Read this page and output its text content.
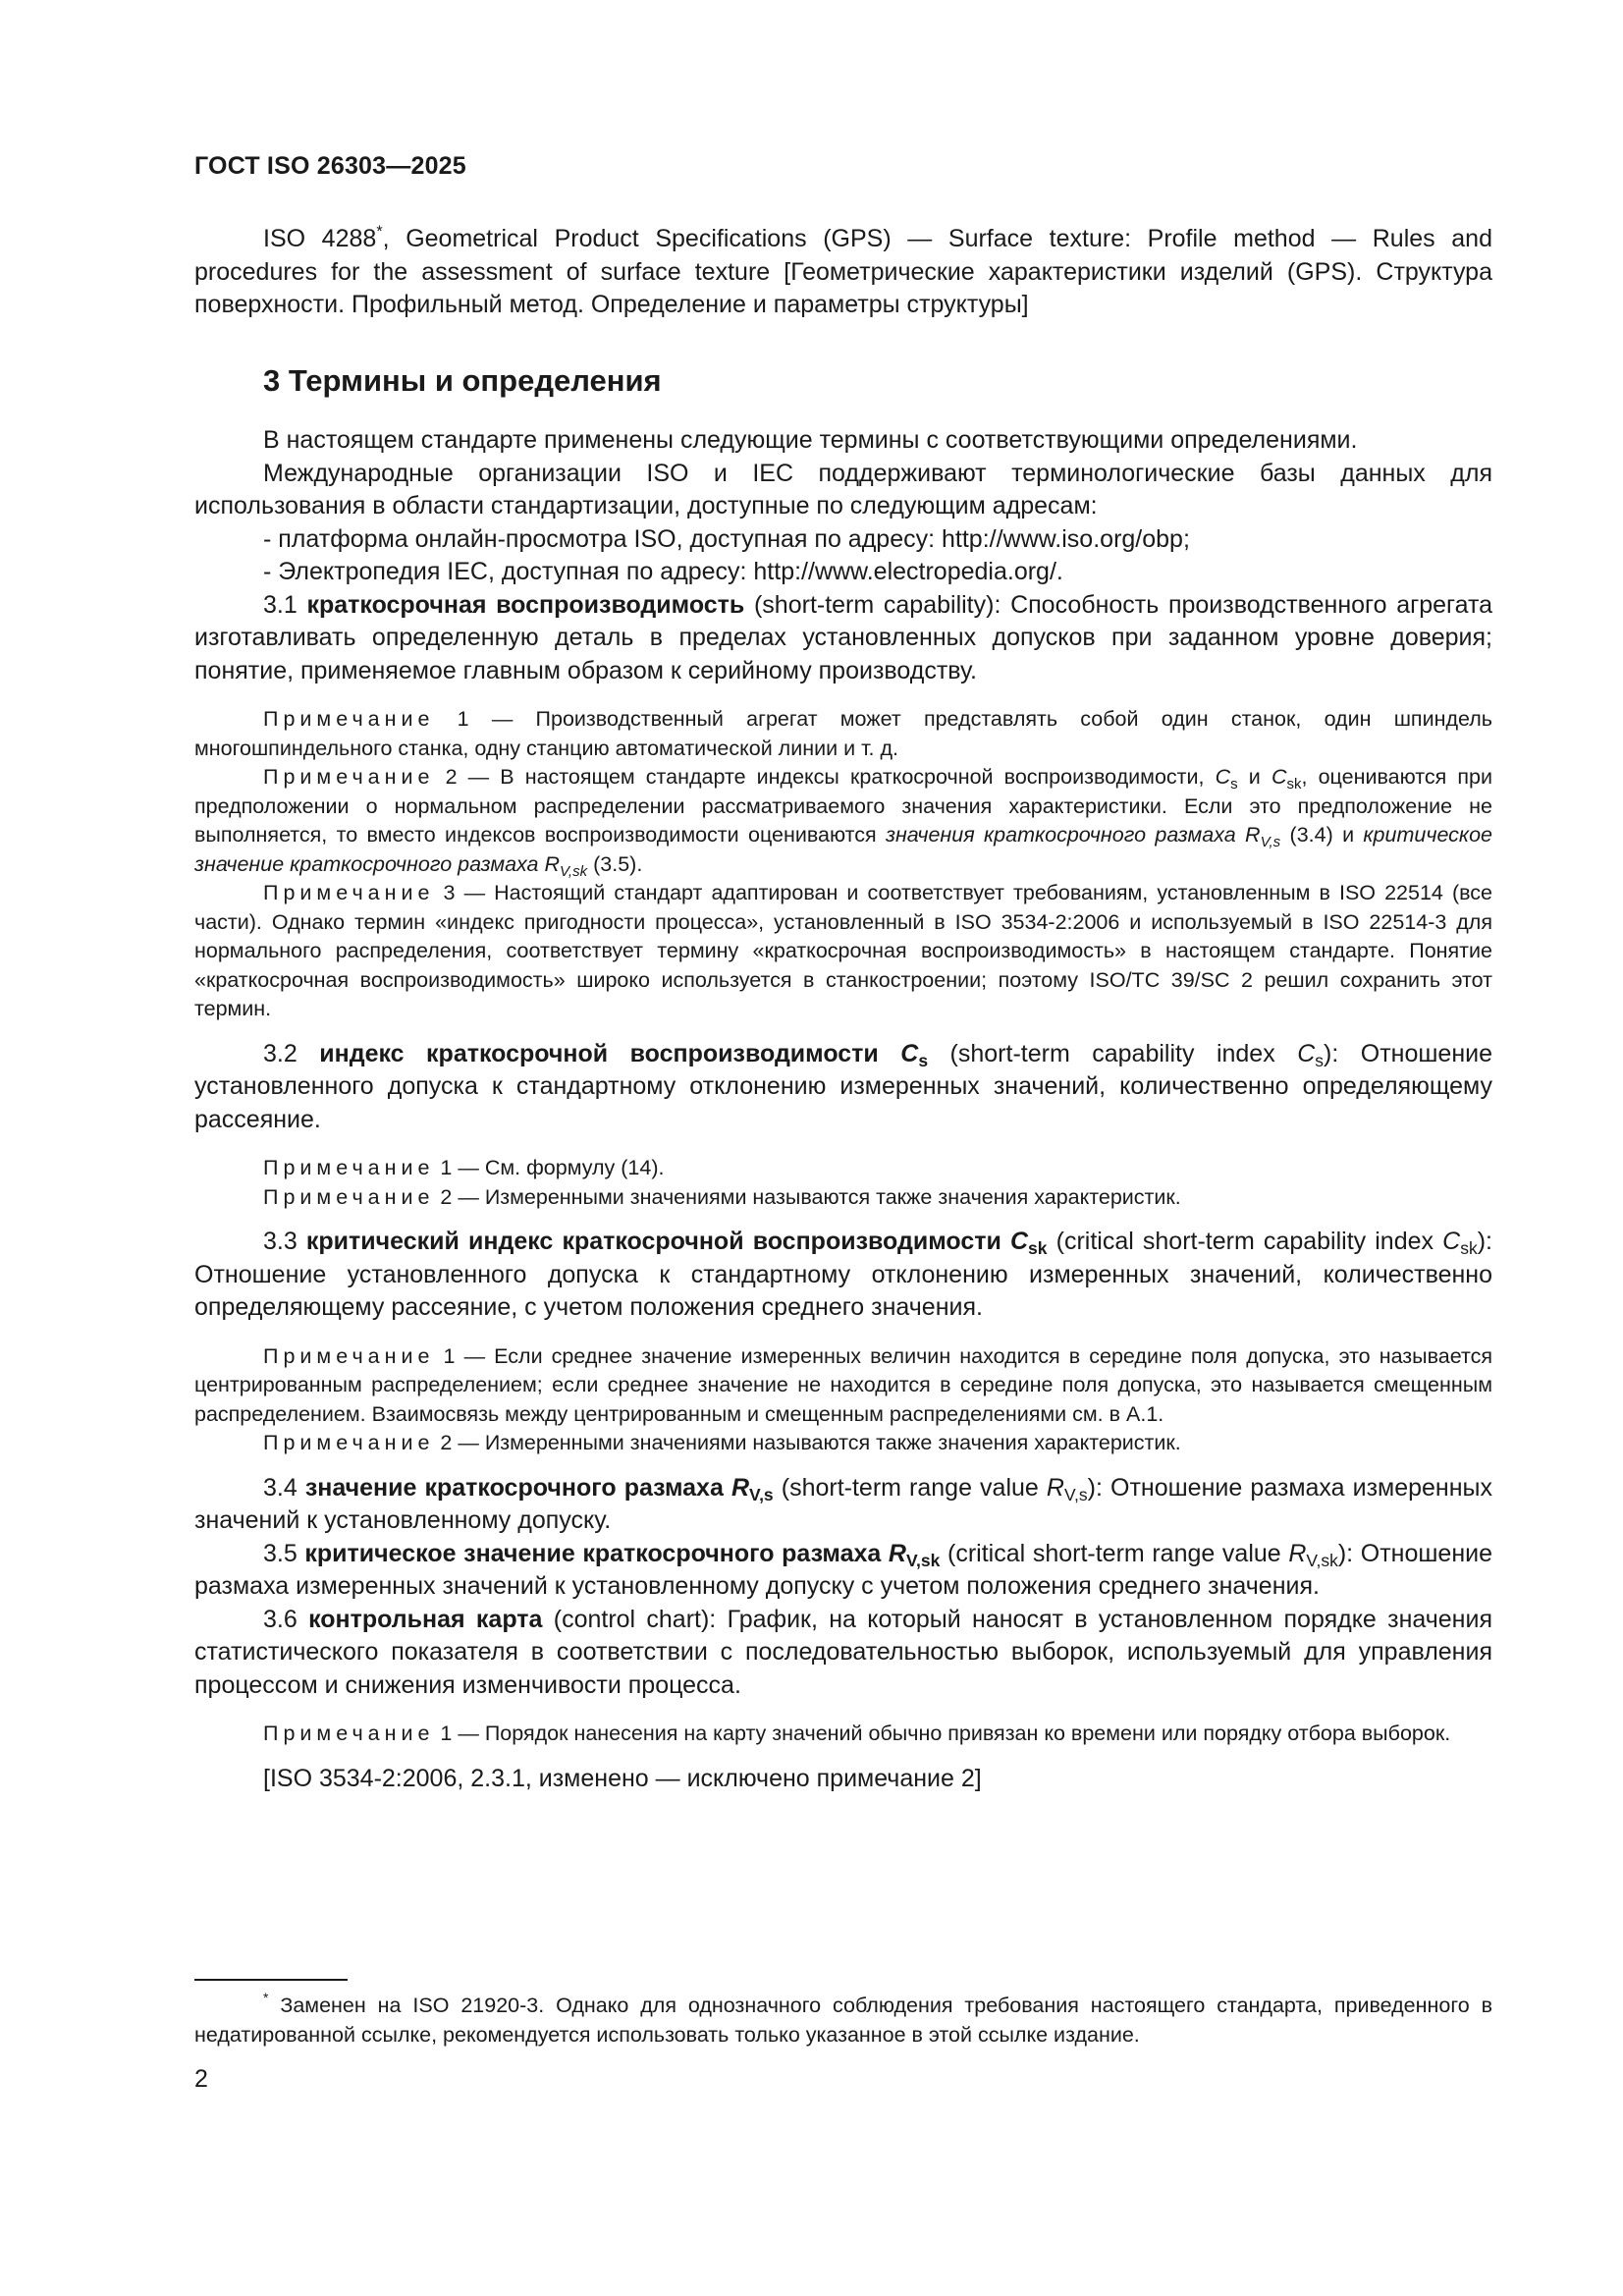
ГОСТ ISO 26303—2025

ISO 4288*, Geometrical Product Specifications (GPS) — Surface texture: Profile method — Rules and procedures for the assessment of surface texture [Геометрические характеристики изделий (GPS). Структура поверхности. Профильный метод. Определение и параметры структуры]

3 Термины и определения

В настоящем стандарте применены следующие термины с соответствующими определениями.

Международные организации ISO и IEC поддерживают терминологические базы данных для использования в области стандартизации, доступные по следующим адресам:

- платформа онлайн-просмотра ISO, доступная по адресу: http://www.iso.org/obp;

- Электропедия IEC, доступная по адресу: http://www.electropedia.org/.

3.1 краткосрочная воспроизводимость (short-term capability): Способность производственного агрегата изготавливать определенную деталь в пределах установленных допусков при заданном уровне доверия; понятие, применяемое главным образом к серийному производству.

Примечание 1 — Производственный агрегат может представлять собой один станок, один шпиндель многошпиндельного станка, одну станцию автоматической линии и т. д.

Примечание 2 — В настоящем стандарте индексы краткосрочной воспроизводимости, $C_s$ и $C_{sk}$, оцениваются при предположении о нормальном распределении рассматриваемого значения характеристики. Если это предположение не выполняется, то вместо индексов воспроизводимости оцениваются значения краткосрочного размаха $R_{V,s}$ (3.4) и критическое значение краткосрочного размаха $R_{V,sk}$ (3.5).

Примечание 3 — Настоящий стандарт адаптирован и соответствует требованиям, установленным в ISO 22514 (все части). Однако термин «индекс пригодности процесса», установленный в ISO 3534-2:2006 и используемый в ISO 22514-3 для нормального распределения, соответствует термину «краткосрочная воспроизводимость» в настоящем стандарте. Понятие «краткосрочная воспроизводимость» широко используется в станкостроении; поэтому ISO/TC 39/SC 2 решил сохранить этот термин.

3.2 индекс краткосрочной воспроизводимости $C_s$ (short-term capability index $C_s$): Отношение установленного допуска к стандартному отклонению измеренных значений, количественно определяющему рассеяние.

Примечание 1 — См. формулу (14).

Примечание 2 — Измеренными значениями называются также значения характеристик.

3.3 критический индекс краткосрочной воспроизводимости $C_{sk}$ (critical short-term capability index $C_{sk}$): Отношение установленного допуска к стандартному отклонению измеренных значений, количественно определяющему рассеяние, с учетом положения среднего значения.

Примечание 1 — Если среднее значение измеренных величин находится в середине поля допуска, это называется центрированным распределением; если среднее значение не находится в середине поля допуска, это называется смещенным распределением. Взаимосвязь между центрированным и смещенным распределениями см. в А.1.

Примечание 2 — Измеренными значениями называются также значения характеристик.

3.4 значение краткосрочного размаха $R_{V,s}$ (short-term range value $R_{V,s}$): Отношение размаха измеренных значений к установленному допуску.

3.5 критическое значение краткосрочного размаха $R_{V,sk}$ (critical short-term range value $R_{V,sk}$): Отношение размаха измеренных значений к установленному допуску с учетом положения среднего значения.

3.6 контрольная карта (control chart): График, на который наносят в установленном порядке значения статистического показателя в соответствии с последовательностью выборок, используемый для управления процессом и снижения изменчивости процесса.

Примечание 1 — Порядок нанесения на карту значений обычно привязан ко времени или порядку отбора выборок.

[ISO 3534-2:2006, 2.3.1, изменено — исключено примечание 2]

* Заменен на ISO 21920-3. Однако для однозначного соблюдения требования настоящего стандарта, приведенного в недатированной ссылке, рекомендуется использовать только указанное в этой ссылке издание.

2
